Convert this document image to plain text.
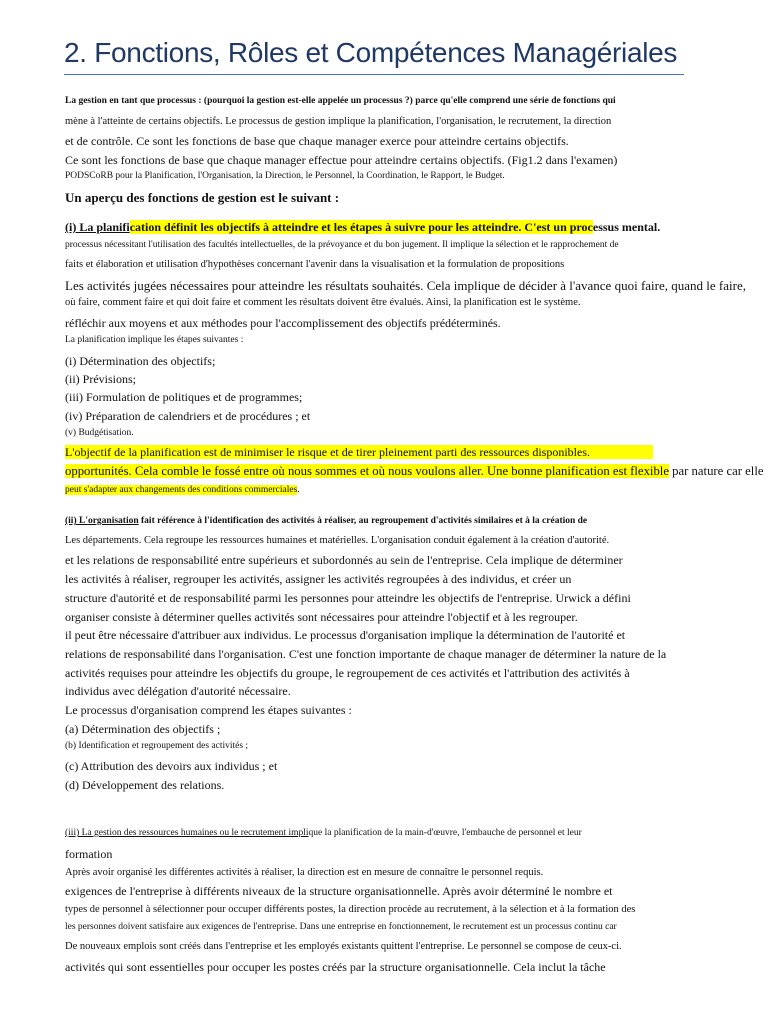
2. Fonctions, Rôles et Compétences Managériales
La gestion en tant que processus : (pourquoi la gestion est-elle appelée un processus ?) parce qu'elle comprend une série de fonctions qui
mène à l'atteinte de certains objectifs. Le processus de gestion implique la planification, l'organisation, le recrutement, la direction
et de contrôle. Ce sont les fonctions de base que chaque manager exerce pour atteindre certains objectifs.
Ce sont les fonctions de base que chaque manager effectue pour atteindre certains objectifs. (Fig1.2 dans l'examen)
PODSCoRB pour la Planification, l'Organisation, la Direction, le Personnel, la Coordination, le Rapport, le Budget.
Un aperçu des fonctions de gestion est le suivant :
(i) La planification définit les objectifs à atteindre et les étapes à suivre pour les atteindre. C'est un processus mental.
processus nécessitant l'utilisation des facultés intellectuelles, de la prévoyance et du bon jugement. Il implique la sélection et le rapprochement de
faits et élaboration et utilisation d'hypothèses concernant l'avenir dans la visualisation et la formulation de propositions
Les activités jugées nécessaires pour atteindre les résultats souhaités. Cela implique de décider à l'avance quoi faire, quand le faire,
où faire, comment faire et qui doit faire et comment les résultats doivent être évalués. Ainsi, la planification est le système.
réfléchir aux moyens et aux méthodes pour l'accomplissement des objectifs prédéterminés.
La planification implique les étapes suivantes :
(i) Détermination des objectifs;
(ii) Prévisions;
(iii) Formulation de politiques et de programmes;
(iv) Préparation de calendriers et de procédures ; et
(v) Budgétisation.
L'objectif de la planification est de minimiser le risque et de tirer pleinement parti des ressources disponibles.
opportunités. Cela comble le fossé entre où nous sommes et où nous voulons aller. Une bonne planification est flexible par nature car elle
peut s'adapter aux changements des conditions commerciales.
(ii) L'organisation fait référence à l'identification des activités à réaliser, au regroupement d'activités similaires et à la création de
Les départements. Cela regroupe les ressources humaines et matérielles. L'organisation conduit également à la création d'autorité.
et les relations de responsabilité entre supérieurs et subordonnés au sein de l'entreprise. Cela implique de déterminer
les activités à réaliser, regrouper les activités, assigner les activités regroupées à des individus, et créer un
structure d'autorité et de responsabilité parmi les personnes pour atteindre les objectifs de l'entreprise. Urwick a défini
organiser consiste à déterminer quelles activités sont nécessaires pour atteindre l'objectif et à les regrouper.
il peut être nécessaire d'attribuer aux individus. Le processus d'organisation implique la détermination de l'autorité et
relations de responsabilité dans l'organisation. C'est une fonction importante de chaque manager de déterminer la nature de la
activités requises pour atteindre les objectifs du groupe, le regroupement de ces activités et l'attribution des activités à
individus avec délégation d'autorité nécessaire.
Le processus d'organisation comprend les étapes suivantes :
(a) Détermination des objectifs ;
(b) Identification et regroupement des activités ;
(c) Attribution des devoirs aux individus ; et
(d) Développement des relations.
(iii) La gestion des ressources humaines ou le recrutement implique la planification de la main-d'œuvre, l'embauche de personnel et leur
formation
Après avoir organisé les différentes activités à réaliser, la direction est en mesure de connaître le personnel requis.
exigences de l'entreprise à différents niveaux de la structure organisationnelle. Après avoir déterminé le nombre et
types de personnel à sélectionner pour occuper différents postes, la direction procède au recrutement, à la sélection et à la formation des
les personnes doivent satisfaire aux exigences de l'entreprise. Dans une entreprise en fonctionnement, le recrutement est un processus continu car
De nouveaux emplois sont créés dans l'entreprise et les employés existants quittent l'entreprise. Le personnel se compose de ceux-ci.
activités qui sont essentielles pour occuper les postes créés par la structure organisationnelle. Cela inclut la tâche
